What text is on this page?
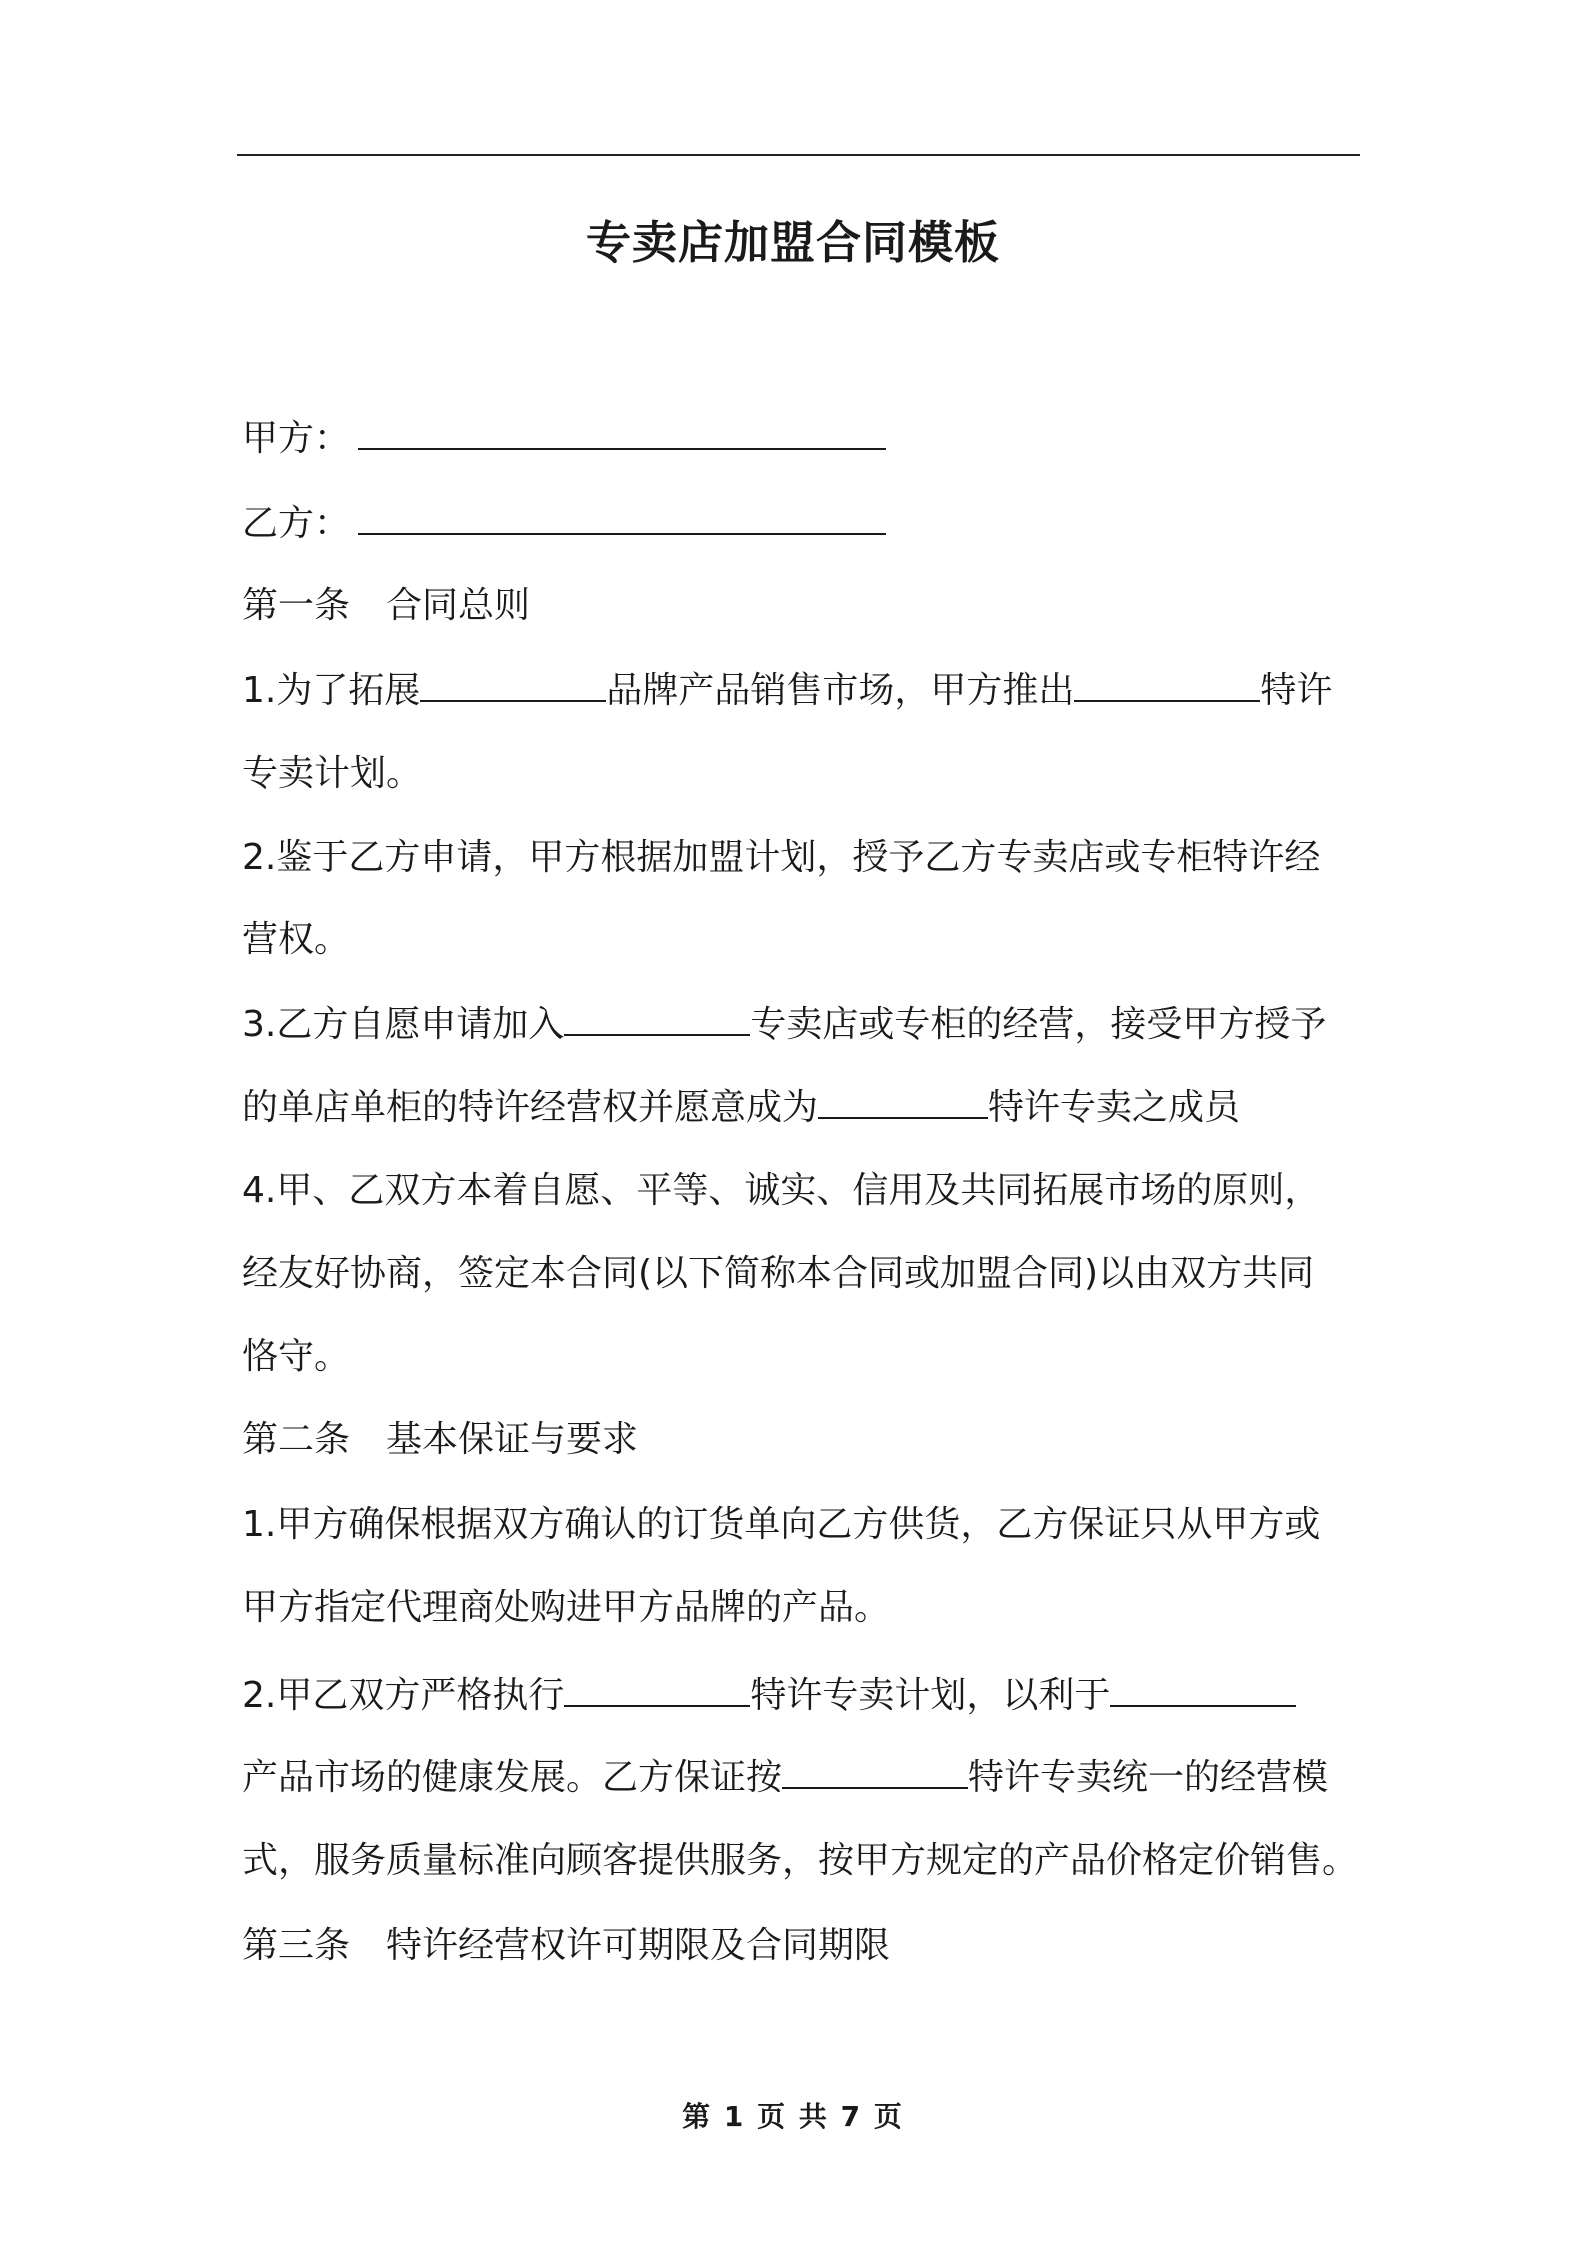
专卖店加盟合同模板
甲方：
乙方：
第一条　合同总则
1.为了拓展	品牌产品销售市场，甲方推出	特许
专卖计划。
2.鉴于乙方申请，甲方根据加盟计划，授予乙方专卖店或专柜特许经
营权。
3.乙方自愿申请加入	专卖店或专柜的经营，接受甲方授予
的单店单柜的特许经营权并愿意成为	特许专卖之成员
4.甲、乙双方本着自愿、平等、诚实、信用及共同拓展市场的原则，
经友好协商，签定本合同(以下简称本合同或加盟合同)以由双方共同
恪守。
第二条　基本保证与要求
1.甲方确保根据双方确认的订货单向乙方供货，乙方保证只从甲方或
甲方指定代理商处购进甲方品牌的产品。
2.甲乙双方严格执行	特许专卖计划，以利于
产品市场的健康发展。乙方保证按	特许专卖统一的经营模
式，服务质量标准向顾客提供服务，按甲方规定的产品价格定价销售。
第三条　特许经营权许可期限及合同期限
第 1 页 共 7 页
